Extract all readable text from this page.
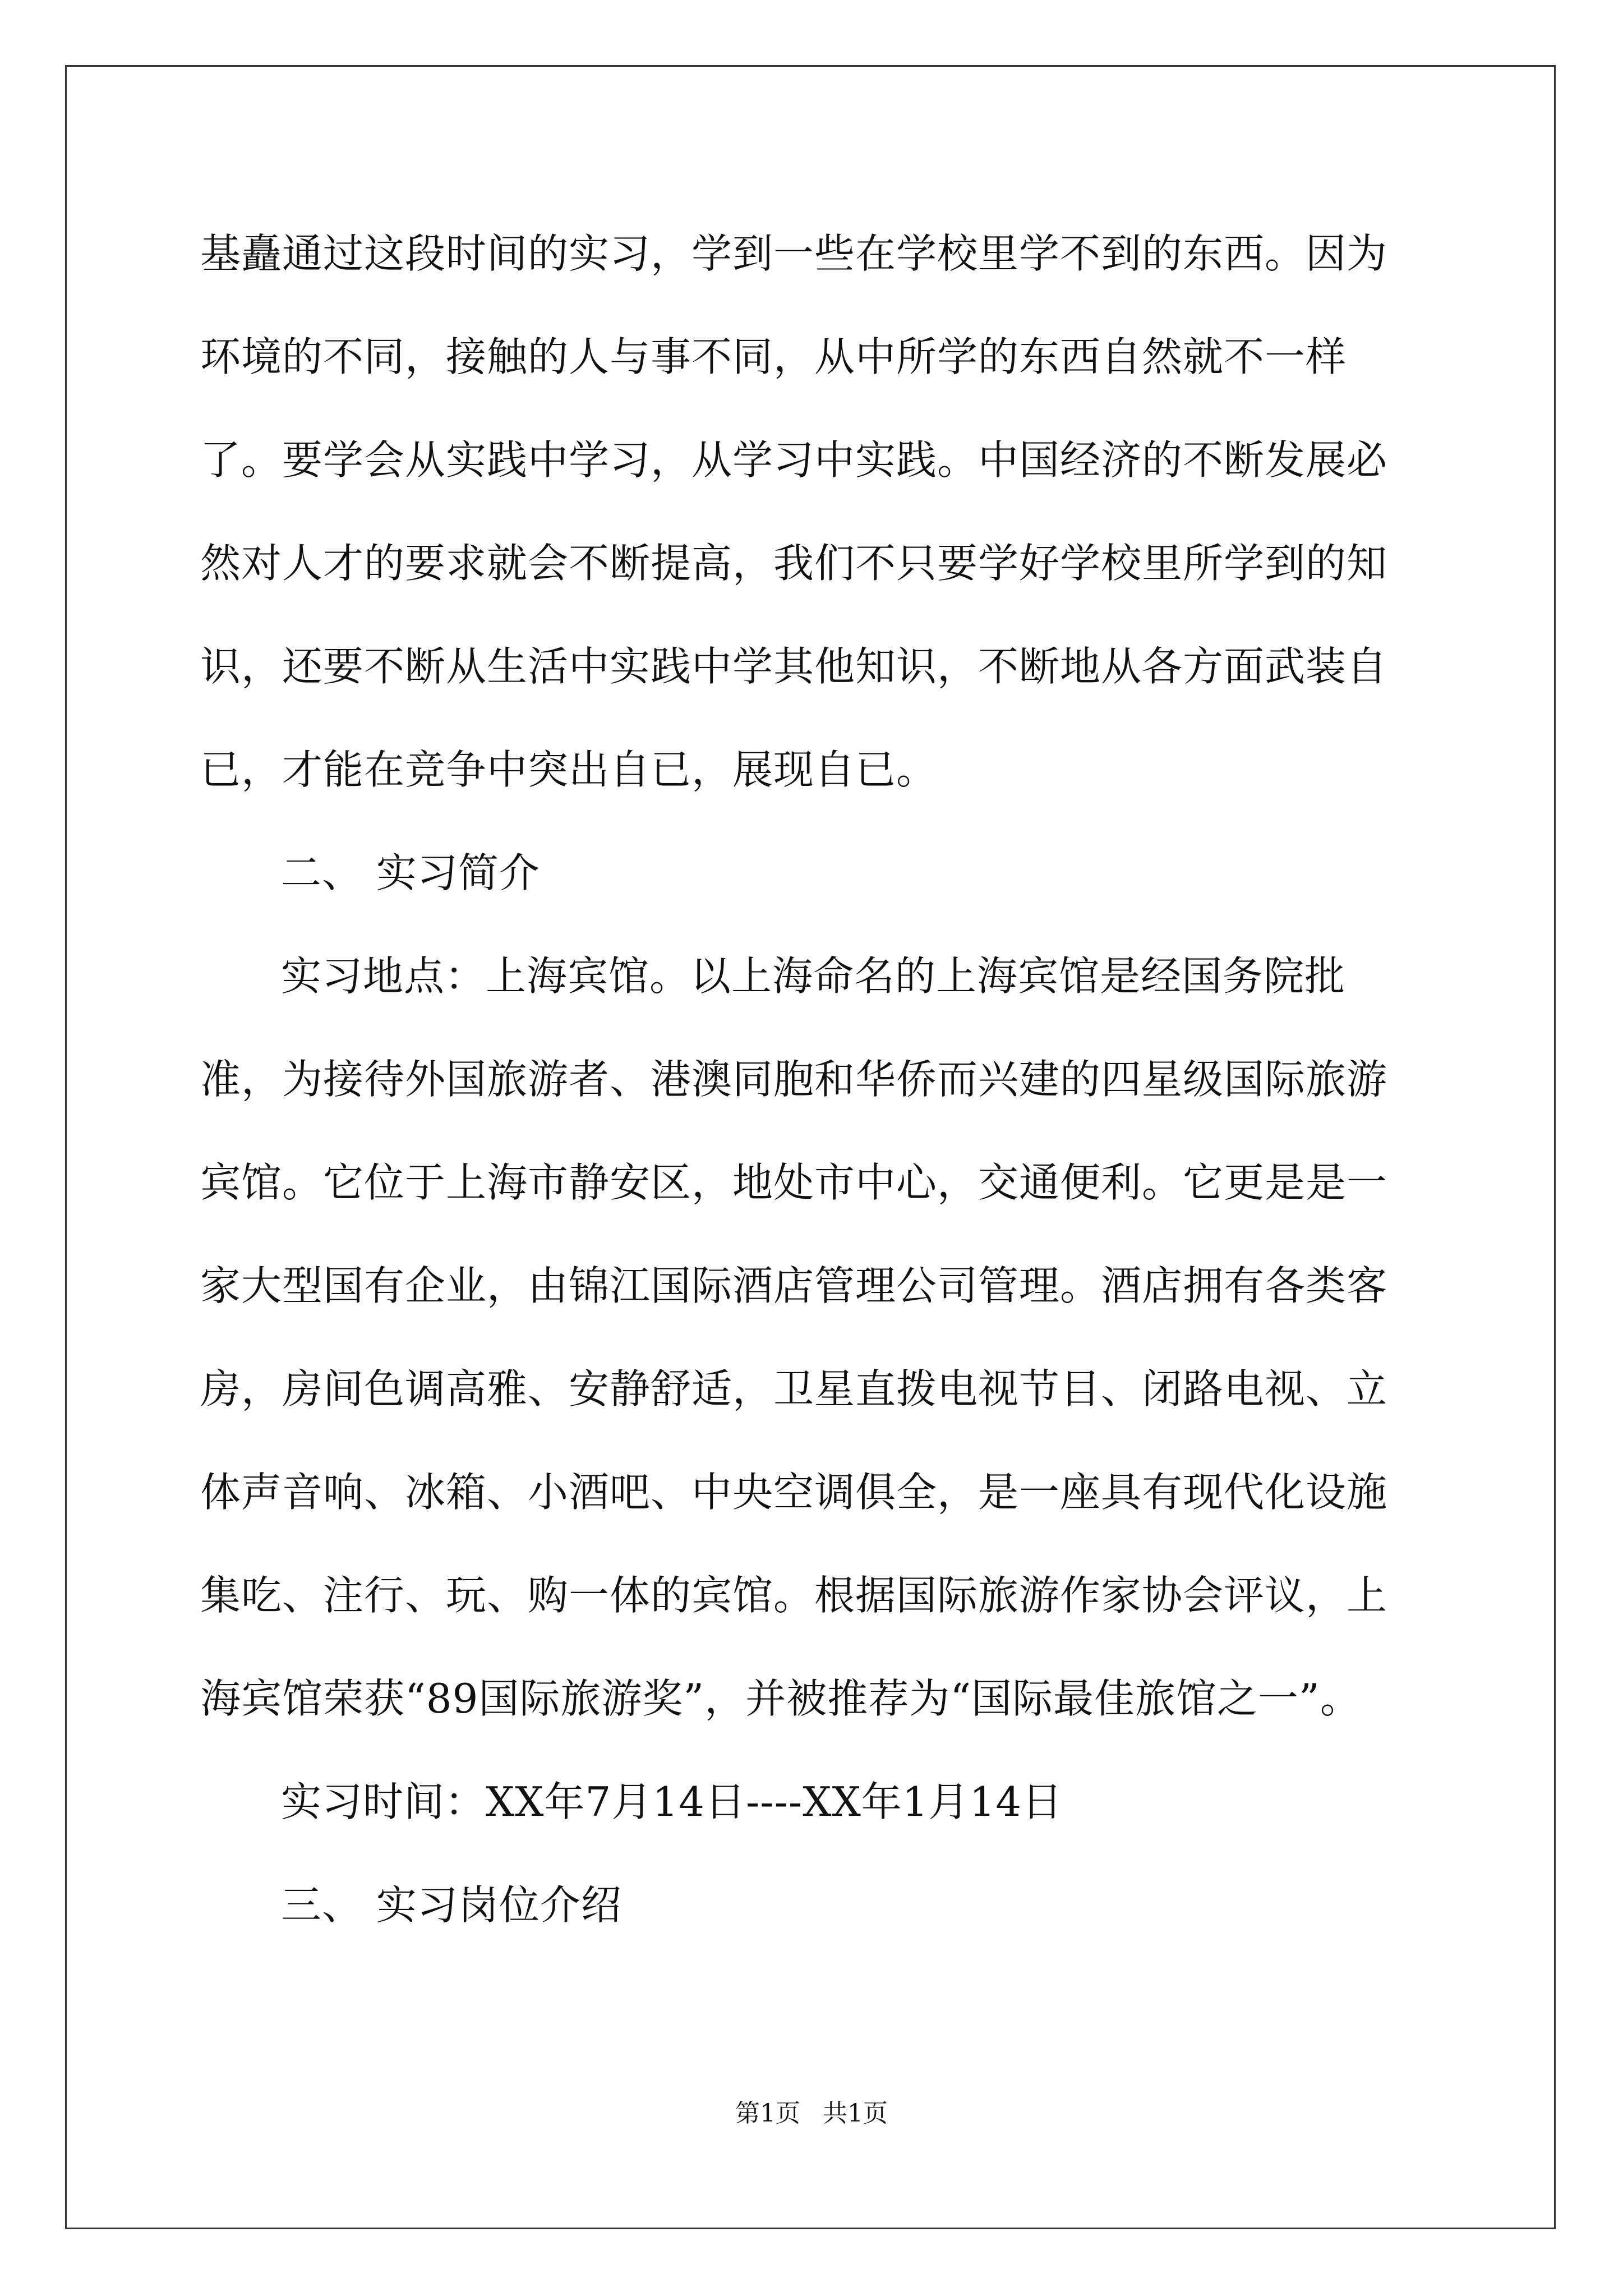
基矗通过这段时间的实习，学到一些在学校里学不到的东西。因为环境的不同，接触的人与事不同，从中所学的东西自然就不一样了。要学会从实践中学习，从学习中实践。中国经济的不断发展必然对人才的要求就会不断提高，我们不只要学好学校里所学到的知识，还要不断从生活中实践中学其他知识，不断地从各方面武装自已，才能在竞争中突出自已，展现自已。

二、 实习简介

实习地点：上海宾馆。以上海命名的上海宾馆是经国务院批准，为接待外国旅游者、港澳同胞和华侨而兴建的四星级国际旅游宾馆。它位于上海市静安区，地处市中心，交通便利。它更是是一家大型国有企业，由锦江国际酒店管理公司管理。酒店拥有各类客房，房间色调高雅、安静舒适，卫星直拨电视节目、闭路电视、立体声音响、冰箱、小酒吧、中央空调俱全，是一座具有现代化设施集吃、注行、玩、购一体的宾馆。根据国际旅游作家协会评议，上海宾馆荣获“89国际旅游奖”，并被推荐为“国际最佳旅馆之一”。

实习时间：XX年7月14日----XX年1月14日

三、 实习岗位介绍

第1页 共1页
